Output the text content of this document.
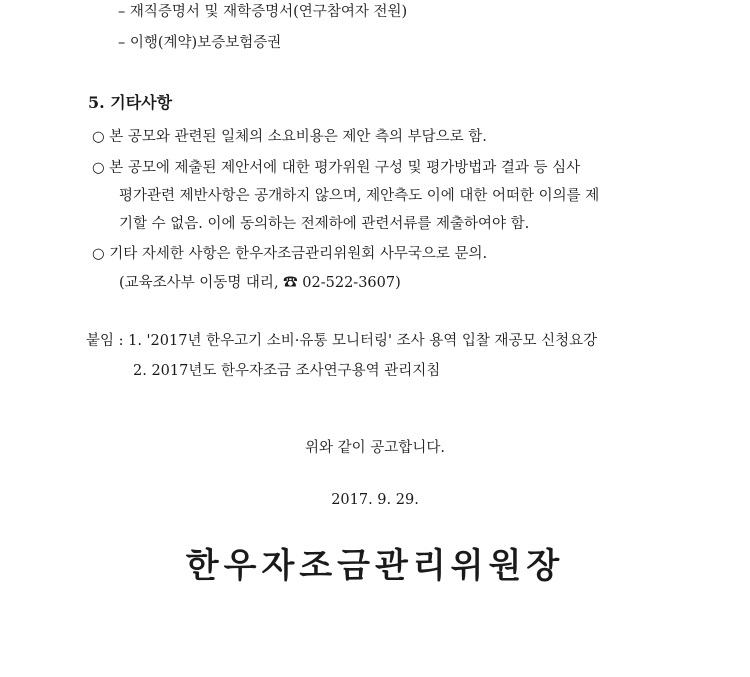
– 재직증명서 및 재학증명서(연구참여자 전원)
– 이행(계약)보증보험증권
5. 기타사항
○ 본 공모와 관련된 일체의 소요비용은 제안 측의 부담으로 함.
○ 본 공모에 제출된 제안서에 대한 평가위원 구성 및 평가방법과 결과 등 심사
평가관련 제반사항은 공개하지 않으며, 제안측도 이에 대한 어떠한 이의를 제
기할 수 없음. 이에 동의하는 전제하에 관련서류를 제출하여야 함.
○ 기타 자세한 사항은 한우자조금관리위원회 사무국으로 문의.
(교육조사부 이동명 대리, ☎ 02-522-3607)
붙임 : 1. '2017년 한우고기 소비·유통 모니터링' 조사 용역 입찰 재공모 신청요강
2. 2017년도 한우자조금 조사연구용역 관리지침
위와 같이 공고합니다.
2017. 9. 29.
한우자조금관리위원장
